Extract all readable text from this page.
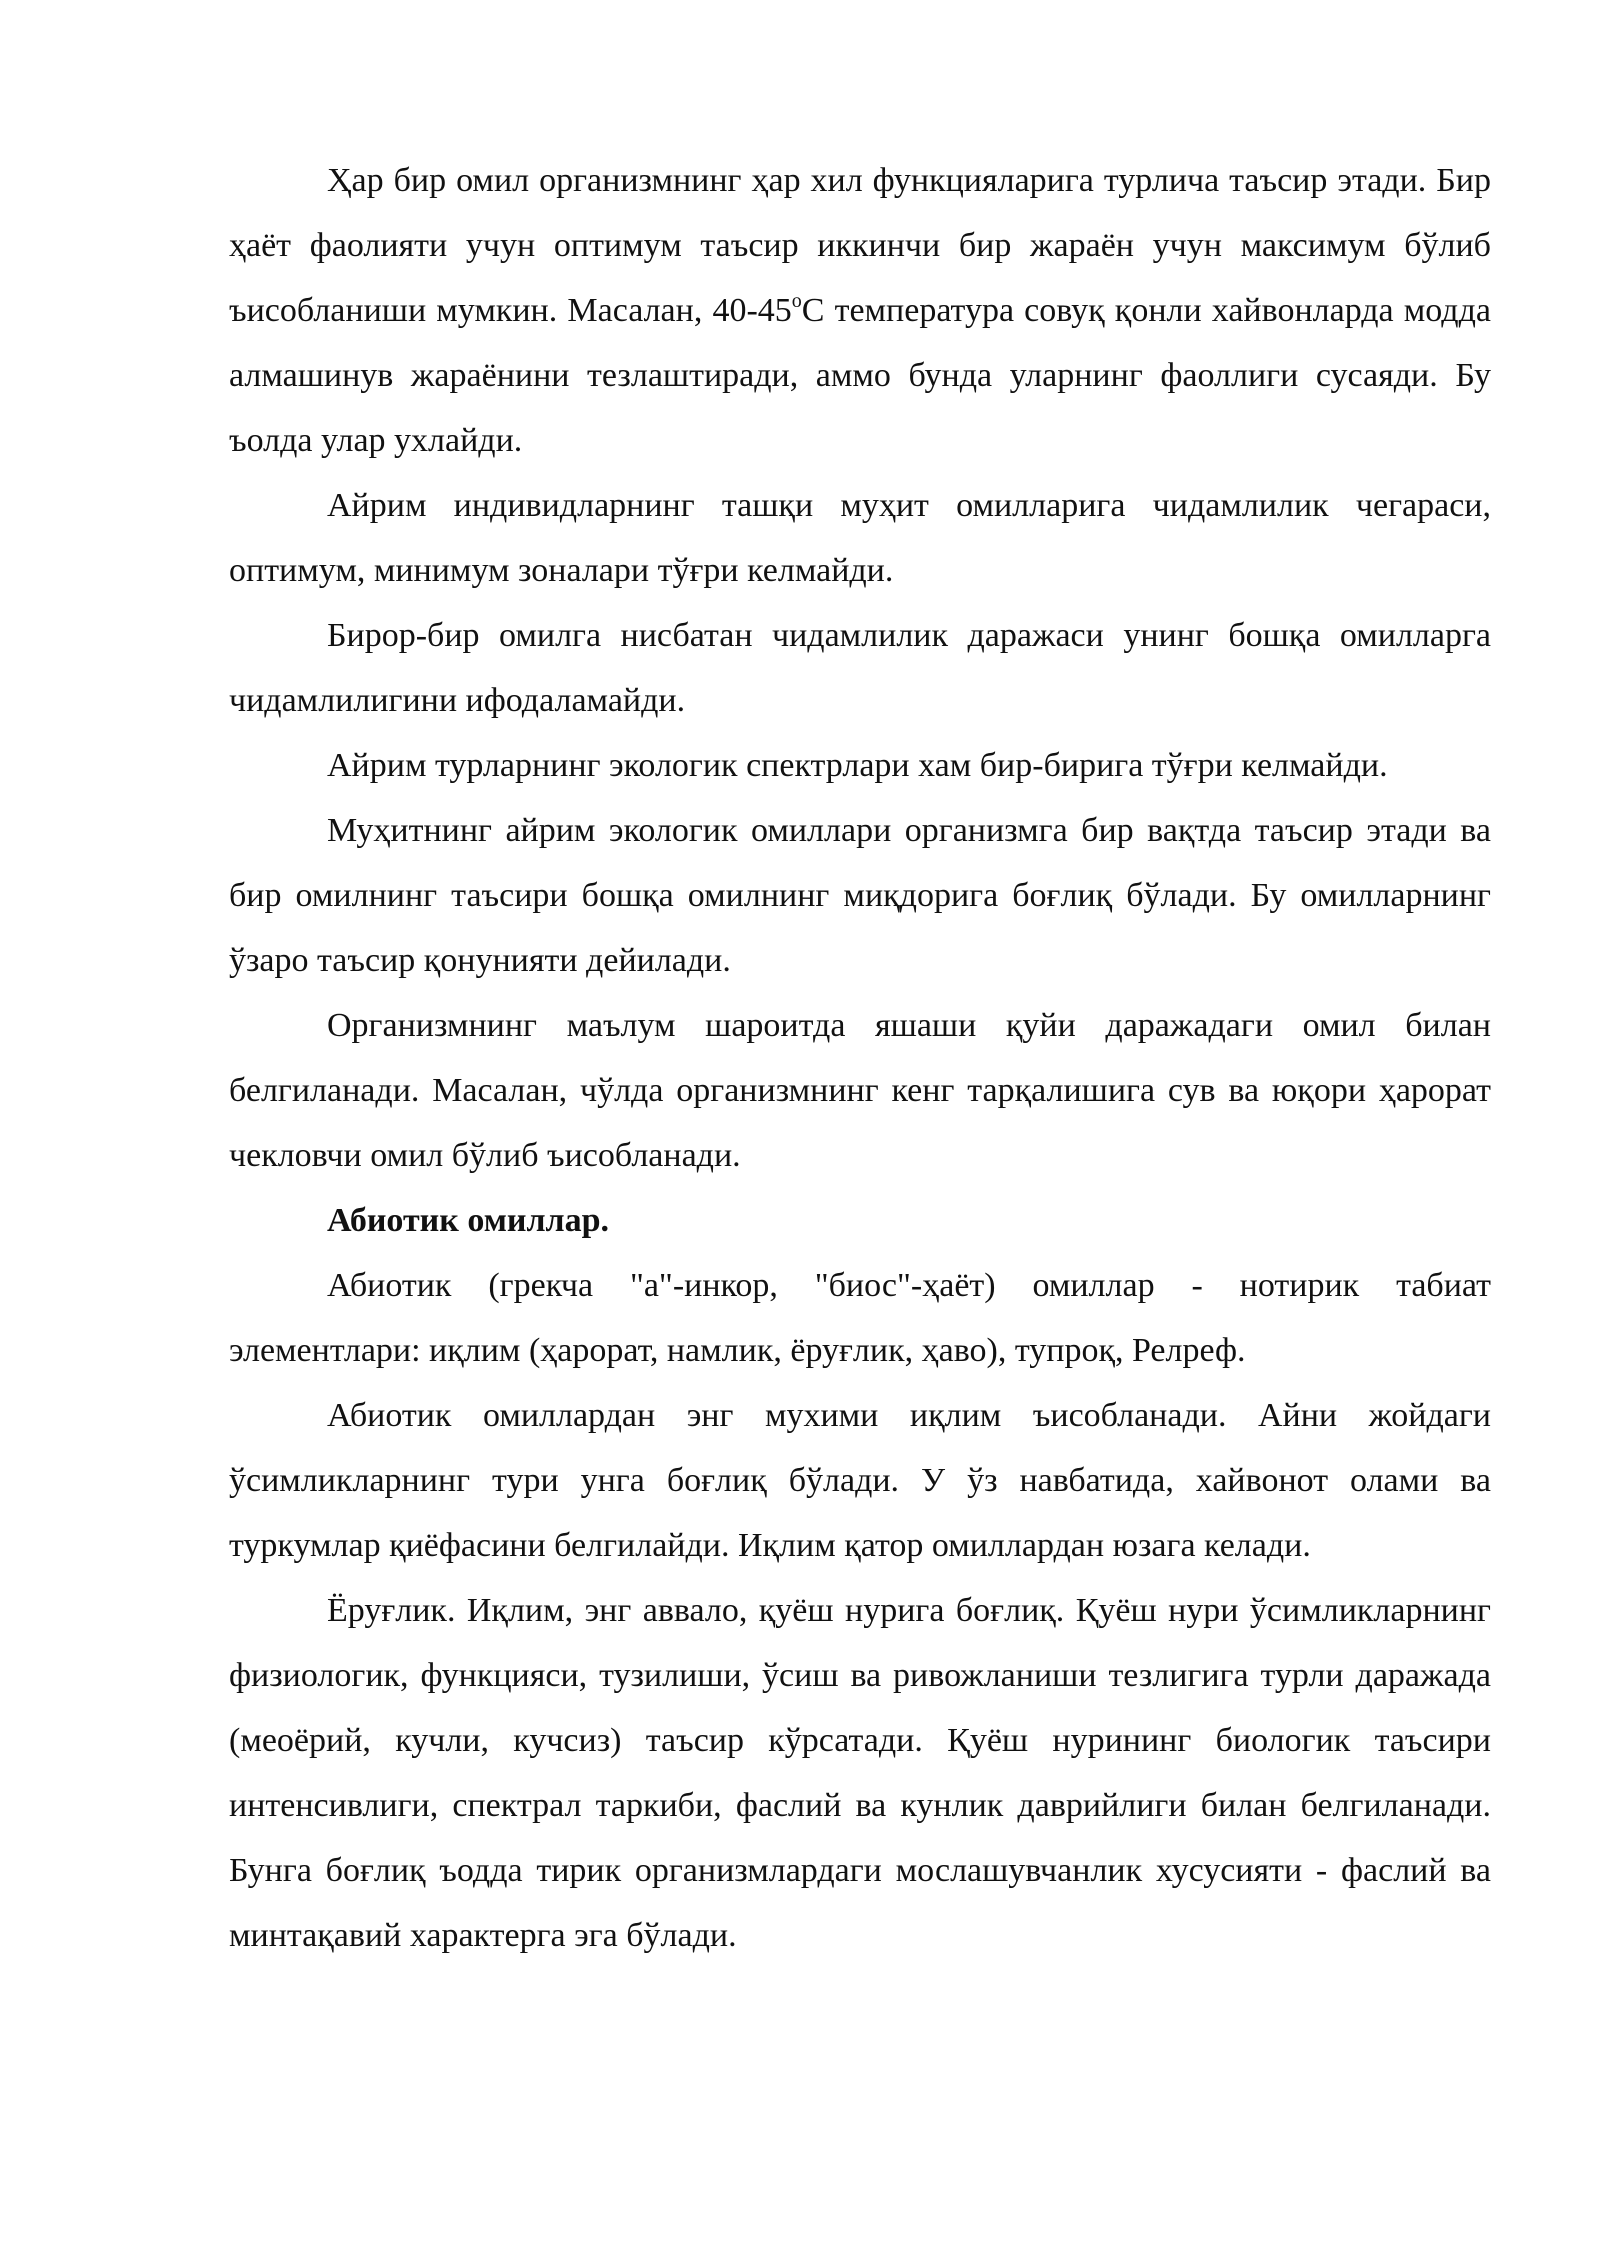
Ҳар бир омил организмнинг ҳар хил функцияларига турлича таъсир этади. Бир ҳаёт фаолияти учун оптимум таъсир иккинчи бир жараён учун максимум бўлиб ъисобланиши мумкин. Масалан, $40-45^оС$ температура совуқ қонли хайвонларда модда алмашинув жараёнини тезлаштиради, аммо бунда уларнинг фаоллиги сусаяди. Бу ъолда улар ухлайди.

Айрим индивидларнинг ташқи муҳит омилларига чидамлилик чегараси, оптимум, минимум зоналари тўғри келмайди.

Бирор-бир омилга нисбатан чидамлилик даражаси унинг бошқа омилларга чидамлилигини ифодаламайди.

Айрим турларнинг экологик спектрлари хам бир-бирига тўғри келмайди.

Муҳитнинг айрим экологик омиллари организмга бир вақтда таъсир этади ва бир омилнинг таъсири бошқа омилнинг миқдорига боғлиқ бўлади. Бу омилларнинг ўзаро таъсир қонунияти дейилади.

Организмнинг маълум шароитда яшаши қуйи даражадаги омил билан белгиланади. Масалан, чўлда организмнинг кенг тарқалишига сув ва юқори ҳарорат чекловчи омил бўлиб ъисобланади.

Абиотик омиллар.

Абиотик (грекча "а"-инкор, "биос"-ҳаёт) омиллар - нотирик табиат элементлари: иқлим (ҳарорат, намлик, ёруғлик, ҳаво), тупроқ, Релреф.

Абиотик омиллардан энг мухими иқлим ъисобланади. Айни жойдаги ўсимликларнинг тури унга боғлиқ бўлади. У ўз навбатида, хайвонот олами ва туркумлар қиёфасини белгилайди. Иқлим қатор омиллардан юзага келади.

Ёруғлик. Иқлим, энг аввало, қуёш нурига боғлиқ. Қуёш нури ўсимликларнинг физиологик, функцияси, тузилиши, ўсиш ва ривожланиши тезлигига турли даражада (меоёрий, кучли, кучсиз) таъсир кўрсатади. Қуёш нурининг биологик таъсири интенсивлиги, спектрал таркиби, фаслий ва кунлик даврийлиги билан белгиланади. Бунга боғлиқ ъодда тирик организмлардаги мослашувчанлик хусусияти - фаслий ва минтақавий характерга эга бўлади.
